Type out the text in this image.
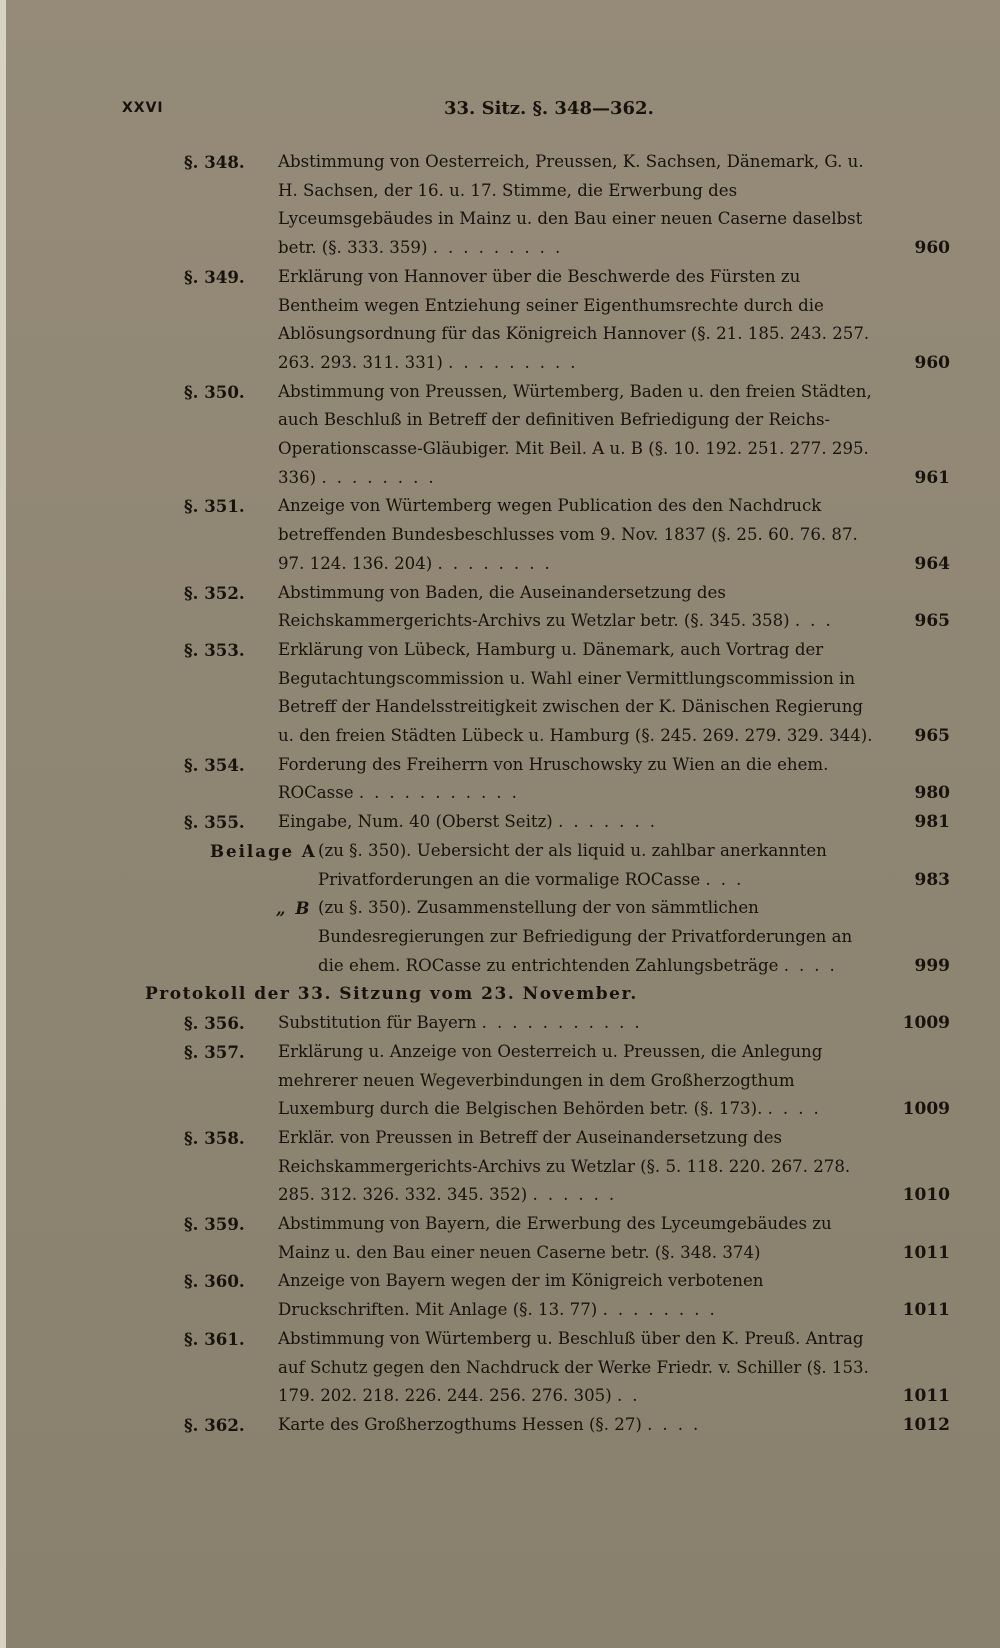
XXVI	33. Sitz. §. 348—362.
§. 348. Abstimmung von Oesterreich, Preussen, K. Sachsen, Dänemark, G. u. H. Sachsen, der 16. u. 17. Stimme, die Erwerbung des Lyceumsgebäudes in Mainz u. den Bau einer neuen Caserne daselbst betr. (§. 333. 359) .........	960
§. 349. Erklärung von Hannover über die Beschwerde des Fürsten zu Bentheim wegen Entziehung seiner Eigenthumsrechte durch die Ablösungsordnung für das Königreich Hannover (§. 21. 185. 243. 257. 263. 293. 311. 331) .........	960
§. 350. Abstimmung von Preussen, Würtemberg, Baden u. den freien Städten, auch Beschluß in Betreff der definitiven Befriedigung der Reichs-Operationscasse-Gläubiger. Mit Beil. A u. B (§. 10. 192. 251. 277. 295. 336) ........	961
§. 351. Anzeige von Würtemberg wegen Publication des den Nachdruck betreffenden Bundesbeschlusses vom 9. Nov. 1837 (§. 25. 60. 76. 87. 97. 124. 136. 204) ........	964
§. 352. Abstimmung von Baden, die Auseinandersetzung des Reichskammergerichts-Archivs zu Wetzlar betr. (§. 345. 358) ...	965
§. 353. Erklärung von Lübeck, Hamburg u. Dänemark, auch Vortrag der Begutachtungscommission u. Wahl einer Vermittlungscommission in Betreff der Handelsstreitigkeit zwischen der K. Dänischen Regierung u. den freien Städten Lübeck u. Hamburg (§. 245. 269. 279. 329. 344).	965
§. 354. Forderung des Freiherrn von Hruschowsky zu Wien an die ehem. ROCasse ...........	980
§. 355. Eingabe, Num. 40 (Oberst Seitz) .......	981
Beilage A (zu §. 350). Uebersicht der als liquid u. zahlbar anerkannten Privatforderungen an die vormalige ROCasse ...	983
„ B (zu §. 350). Zusammenstellung der von sämmtlichen Bundesregierungen zur Befriedigung der Privatforderungen an die ehem. ROCasse zu entrichtenden Zahlungsbeträge ....	999
Protokoll der 33. Sitzung vom 23. November.
§. 356. Substitution für Bayern ...........	1009
§. 357. Erklärung u. Anzeige von Oesterreich u. Preussen, die Anlegung mehrerer neuen Wegeverbindungen in dem Großherzogthum Luxemburg durch die Belgischen Behörden betr. (§. 173). ....	1009
§. 358. Erklär. von Preussen in Betreff der Auseinandersetzung des Reichskammergerichts-Archivs zu Wetzlar (§. 5. 118. 220. 267. 278. 285. 312. 326. 332. 345. 352) ......	1010
§. 359. Abstimmung von Bayern, die Erwerbung des Lyceumgebäudes zu Mainz u. den Bau einer neuen Caserne betr. (§. 348. 374)	1011
§. 360. Anzeige von Bayern wegen der im Königreich verbotenen Druckschriften. Mit Anlage (§. 13. 77) ........	1011
§. 361. Abstimmung von Würtemberg u. Beschluß über den K. Preuß. Antrag auf Schutz gegen den Nachdruck der Werke Friedr. v. Schiller (§. 153. 179. 202. 218. 226. 244. 256. 276. 305) ..	1011
§. 362. Karte des Großherzogthums Hessen (§. 27) ....	1012
